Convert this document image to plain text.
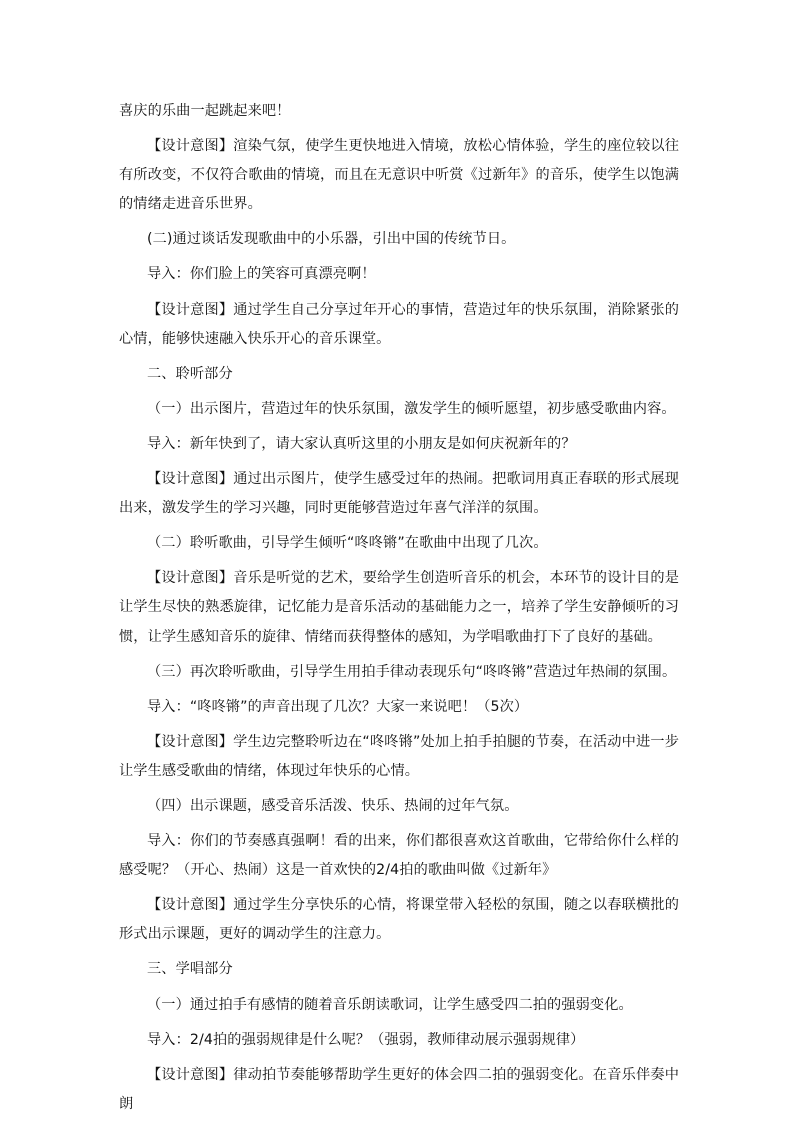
喜庆的乐曲一起跳起来吧！

【设计意图】渲染气氛，使学生更快地进入情境，放松心情体验，学生的座位较以往有所改变，不仅符合歌曲的情境，而且在无意识中听赏《过新年》的音乐，使学生以饱满的情绪走进音乐世界。

(二)通过谈话发现歌曲中的小乐器，引出中国的传统节日。

导入：你们脸上的笑容可真漂亮啊！

【设计意图】通过学生自己分享过年开心的事情，营造过年的快乐氛围，消除紧张的心情，能够快速融入快乐开心的音乐课堂。

二、聆听部分

（一）出示图片，营造过年的快乐氛围，激发学生的倾听愿望，初步感受歌曲内容。

导入：新年快到了，请大家认真听这里的小朋友是如何庆祝新年的？

【设计意图】通过出示图片，使学生感受过年的热闹。把歌词用真正春联的形式展现出来，激发学生的学习兴趣，同时更能够营造过年喜气洋洋的氛围。

（二）聆听歌曲，引导学生倾听“咚咚锵”在歌曲中出现了几次。

【设计意图】音乐是听觉的艺术，要给学生创造听音乐的机会，本环节的设计目的是让学生尽快的熟悉旋律，记忆能力是音乐活动的基础能力之一，培养了学生安静倾听的习惯，让学生感知音乐的旋律、情绪而获得整体的感知，为学唱歌曲打下了良好的基础。

（三）再次聆听歌曲，引导学生用拍手律动表现乐句“咚咚锵”营造过年热闹的氛围。

导入：“咚咚锵”的声音出现了几次？大家一来说吧！（5次）

【设计意图】学生边完整聆听边在“咚咚锵”处加上拍手拍腿的节奏，在活动中进一步让学生感受歌曲的情绪，体现过年快乐的心情。

（四）出示课题，感受音乐活泼、快乐、热闹的过年气氛。

导入：你们的节奏感真强啊！看的出来，你们都很喜欢这首歌曲，它带给你什么样的感受呢？（开心、热闹）这是一首欢快的2/4拍的歌曲叫做《过新年》

【设计意图】通过学生分享快乐的心情，将课堂带入轻松的氛围，随之以春联横批的形式出示课题，更好的调动学生的注意力。

三、学唱部分

（一）通过拍手有感情的随着音乐朗读歌词，让学生感受四二拍的强弱变化。

导入：2/4拍的强弱规律是什么呢？（强弱，教师律动展示强弱规律）

【设计意图】律动拍节奏能够帮助学生更好的体会四二拍的强弱变化。在音乐伴奏中朗
